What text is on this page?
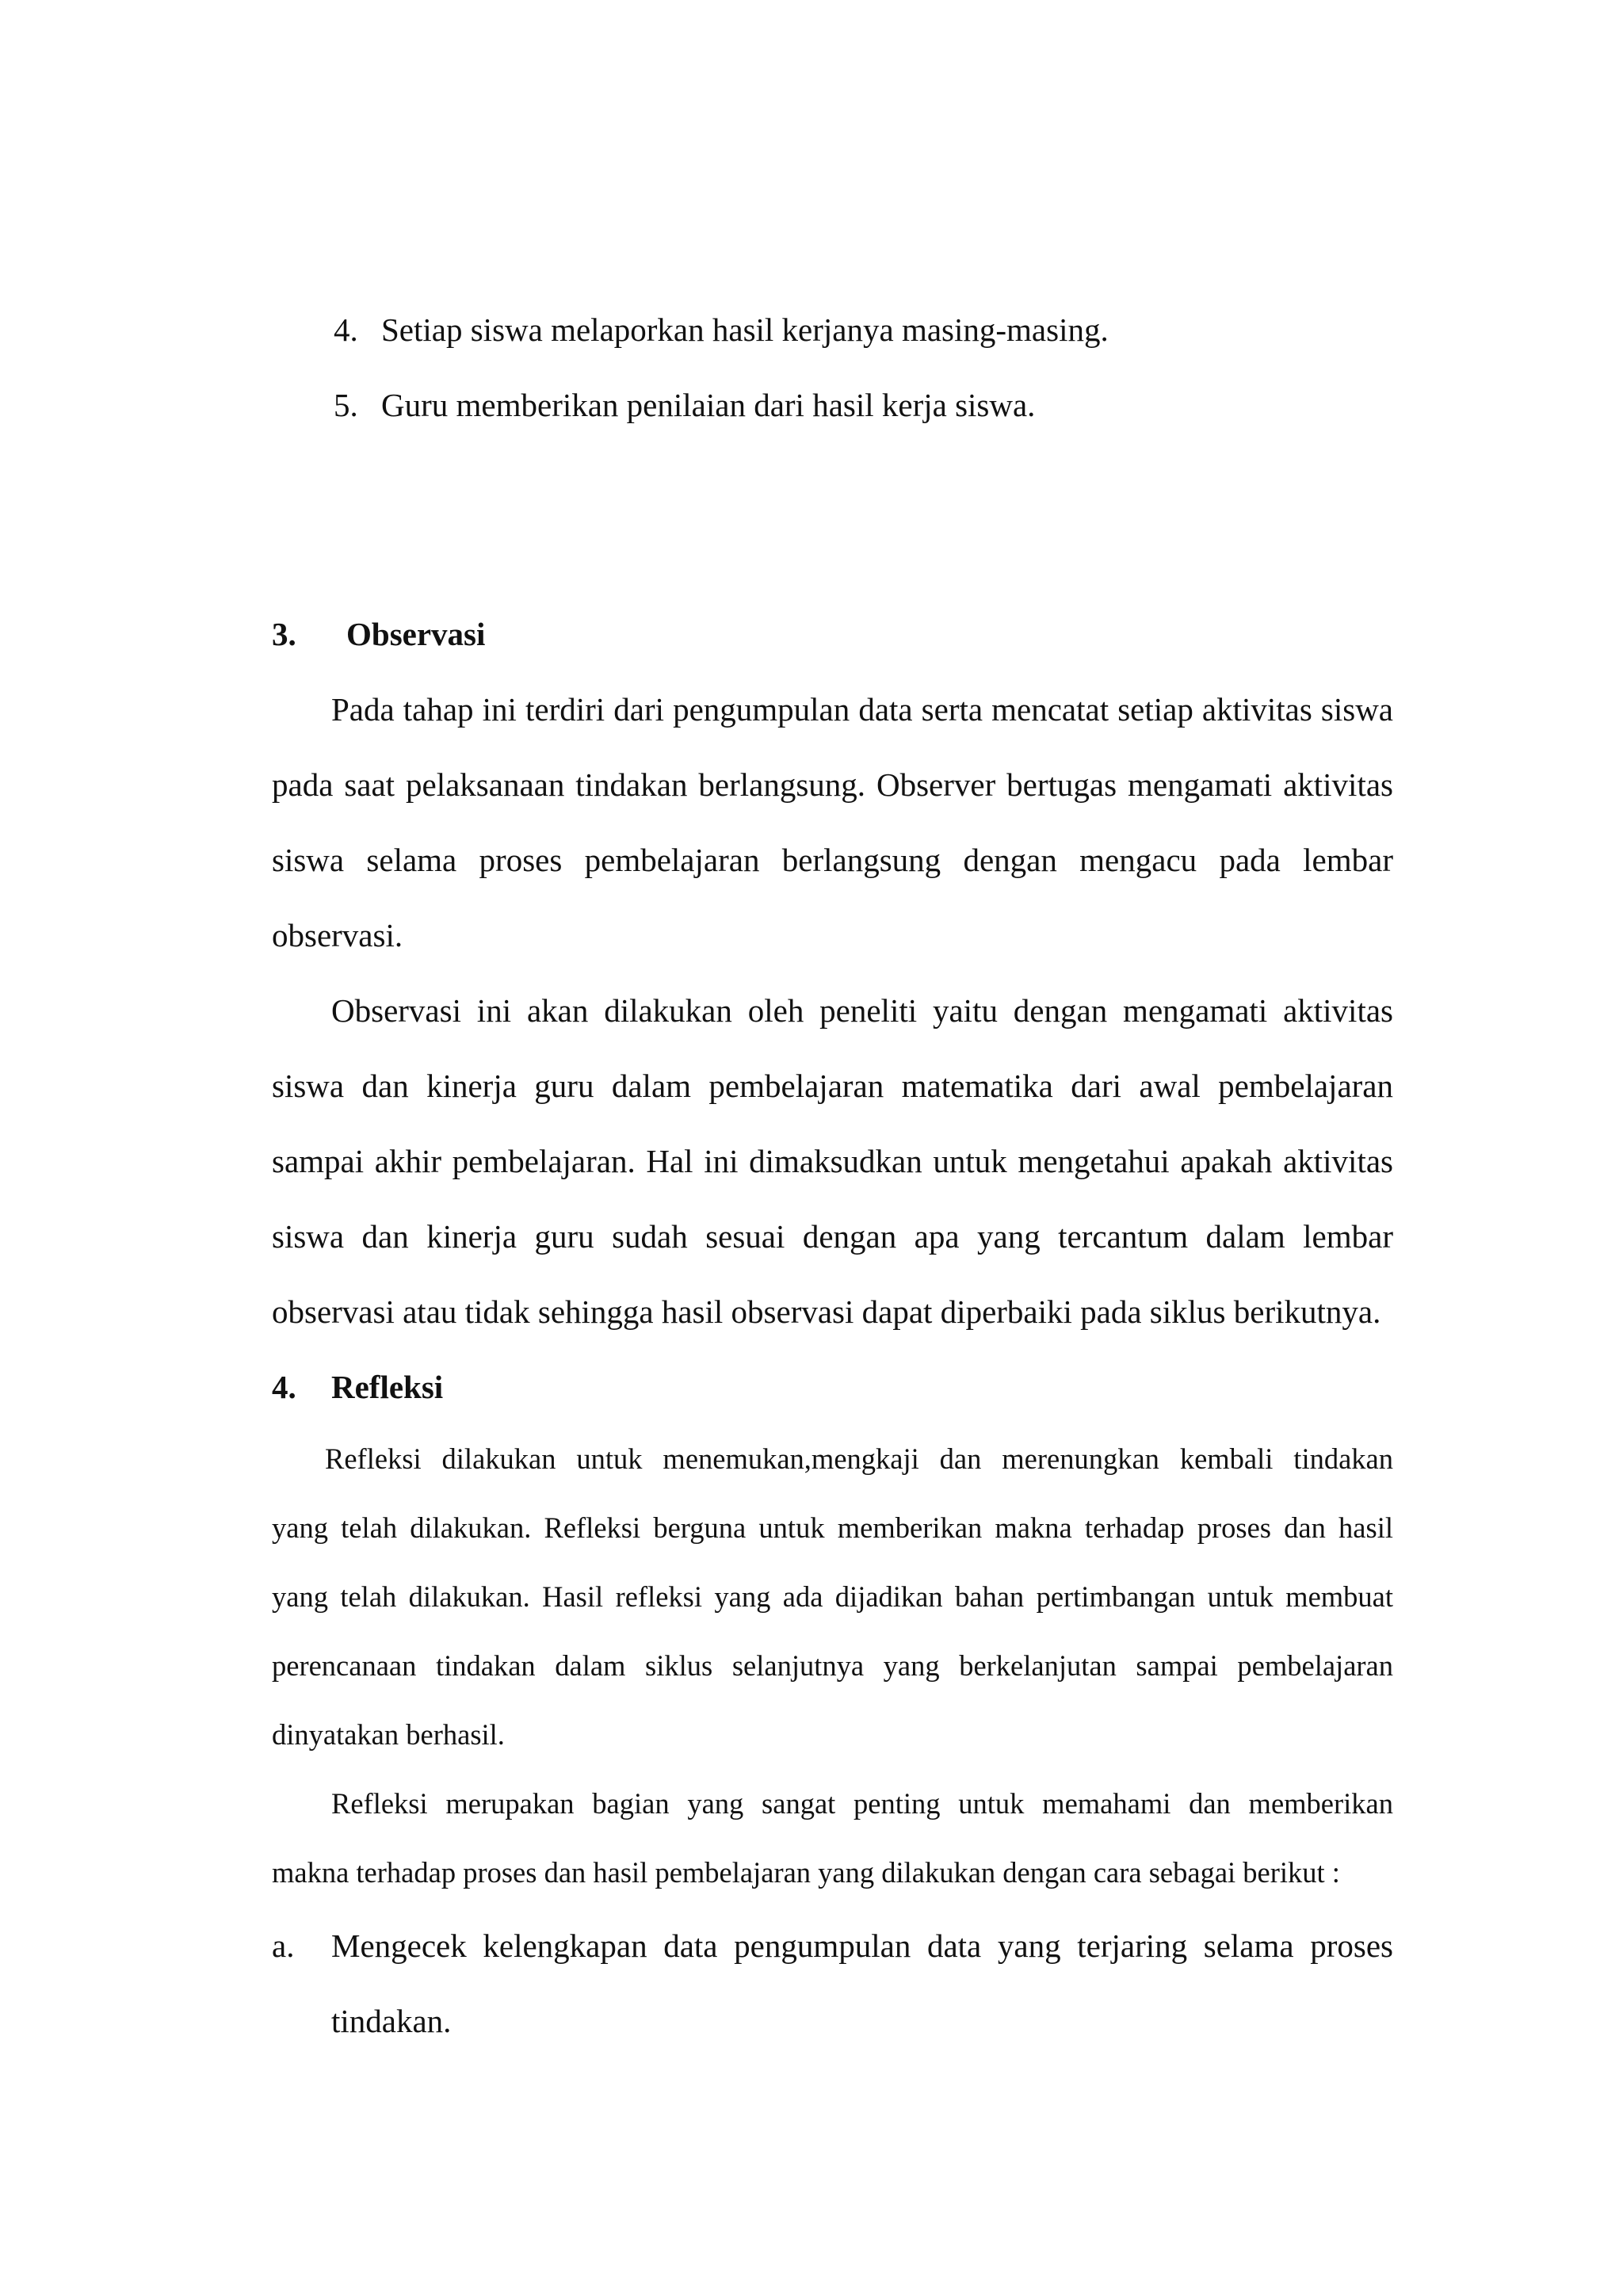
4. Setiap siswa melaporkan hasil kerjanya masing-masing.
5. Guru memberikan penilaian dari hasil kerja siswa.
3. Observasi
Pada tahap ini terdiri dari pengumpulan data serta mencatat setiap aktivitas siswa
pada saat pelaksanaan tindakan berlangsung. Observer bertugas mengamati aktivitas
siswa selama proses pembelajaran berlangsung dengan mengacu pada lembar
observasi.
Observasi ini akan dilakukan oleh peneliti yaitu dengan mengamati aktivitas
siswa dan kinerja guru dalam pembelajaran matematika dari awal pembelajaran
sampai akhir pembelajaran. Hal ini dimaksudkan untuk mengetahui apakah aktivitas
siswa dan kinerja guru sudah sesuai dengan apa yang tercantum dalam lembar
observasi atau tidak sehingga hasil observasi dapat diperbaiki pada siklus berikutnya.
4. Refleksi
Refleksi dilakukan untuk menemukan,mengkaji dan merenungkan kembali tindakan
yang telah dilakukan. Refleksi berguna untuk memberikan makna terhadap proses dan hasil
yang telah dilakukan. Hasil refleksi yang ada dijadikan bahan pertimbangan untuk membuat
perencanaan tindakan dalam siklus selanjutnya yang berkelanjutan sampai pembelajaran
dinyatakan berhasil.
Refleksi merupakan bagian yang sangat penting untuk memahami dan memberikan
makna terhadap proses dan hasil pembelajaran yang dilakukan dengan cara sebagai berikut :
a. Mengecek kelengkapan data pengumpulan data yang terjaring selama proses
tindakan.
